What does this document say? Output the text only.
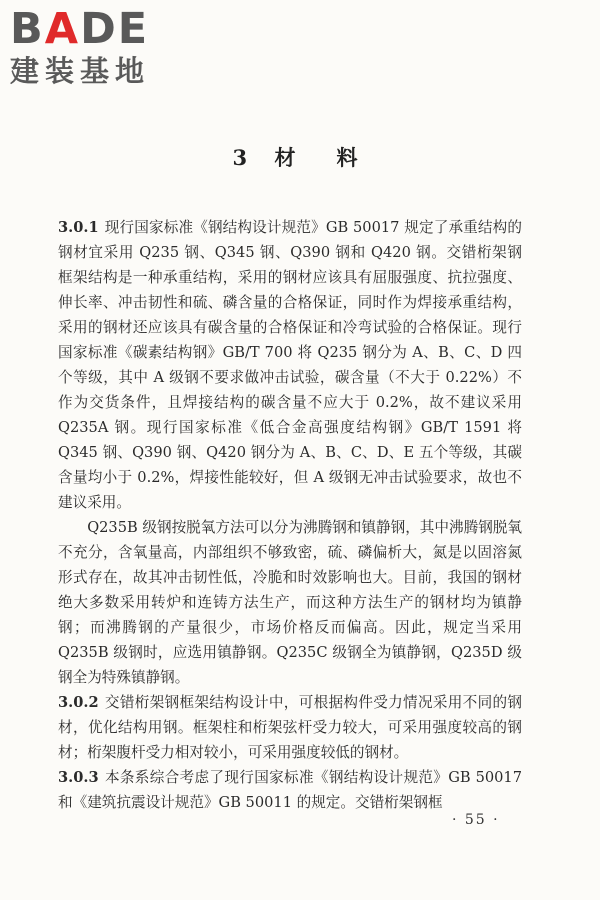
BADE
建装基地
3 材　料

3.0.1 现行国家标准《钢结构设计规范》GB 50017 规定了承重结构的钢材宜采用 Q235 钢、Q345 钢、Q390 钢和 Q420 钢。交错桁架钢框架结构是一种承重结构，采用的钢材应该具有屈服强度、抗拉强度、伸长率、冲击韧性和硫、磷含量的合格保证，同时作为焊接承重结构，采用的钢材还应该具有碳含量的合格保证和冷弯试验的合格保证。现行国家标准《碳素结构钢》GB/T 700 将 Q235 钢分为 A、B、C、D 四个等级，其中 A 级钢不要求做冲击试验，碳含量（不大于 0.22%）不作为交货条件，且焊接结构的碳含量不应大于 0.2%，故不建议采用 Q235A 钢。现行国家标准《低合金高强度结构钢》GB/T 1591 将 Q345 钢、Q390 钢、Q420 钢分为 A、B、C、D、E 五个等级，其碳含量均小于 0.2%，焊接性能较好，但 A 级钢无冲击试验要求，故也不建议采用。

Q235B 级钢按脱氧方法可以分为沸腾钢和镇静钢，其中沸腾钢脱氧不充分，含氧量高，内部组织不够致密，硫、磷偏析大，氮是以固溶氮形式存在，故其冲击韧性低，冷脆和时效影响也大。目前，我国的钢材绝大多数采用转炉和连铸方法生产，而这种方法生产的钢材均为镇静钢；而沸腾钢的产量很少，市场价格反而偏高。因此，规定当采用 Q235B 级钢时，应选用镇静钢。Q235C 级钢全为镇静钢，Q235D 级钢全为特殊镇静钢。

3.0.2 交错桁架钢框架结构设计中，可根据构件受力情况采用不同的钢材，优化结构用钢。框架柱和桁架弦杆受力较大，可采用强度较高的钢材；桁架腹杆受力相对较小，可采用强度较低的钢材。

3.0.3 本条系综合考虑了现行国家标准《钢结构设计规范》GB 50017 和《建筑抗震设计规范》GB 50011 的规定。交错桁架钢框

· 55 ·
